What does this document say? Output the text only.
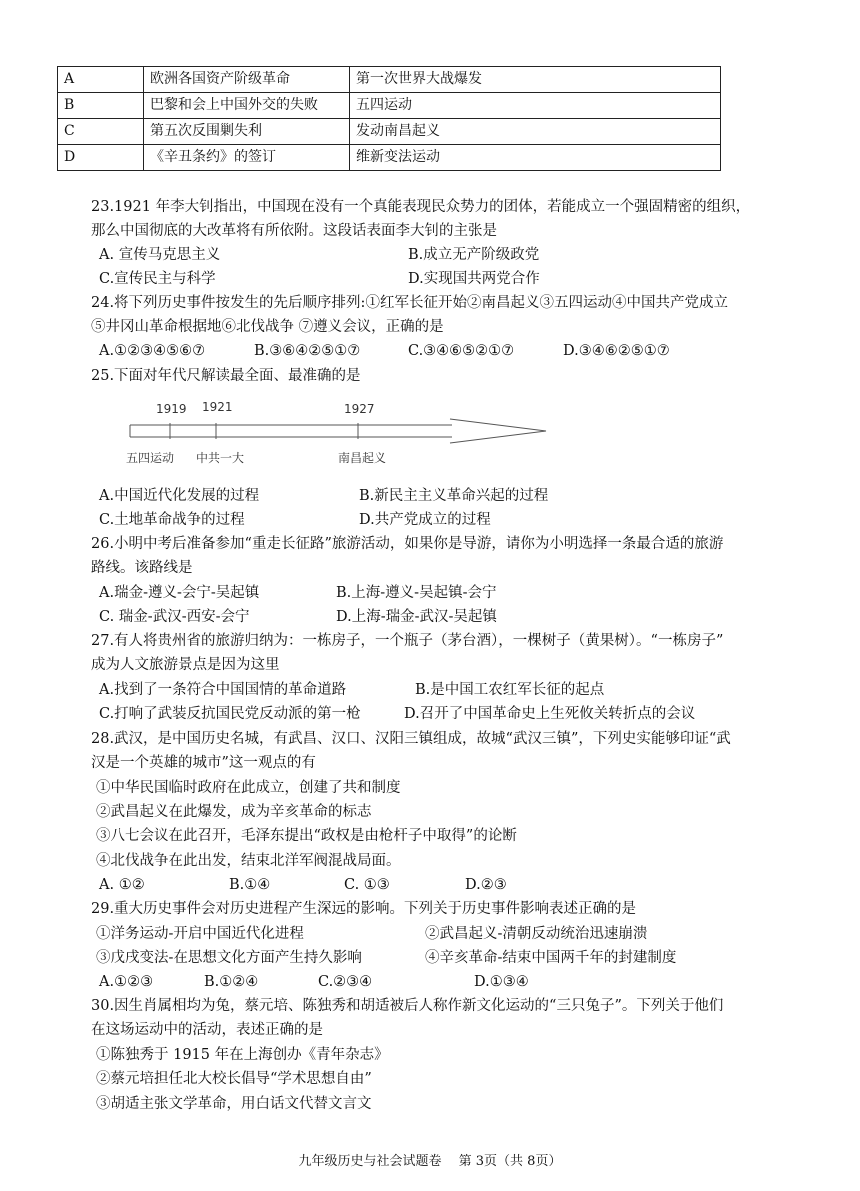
A	欧洲各国资产阶级革命	第一次世界大战爆发
B	巴黎和会上中国外交的失败	五四运动
C	第五次反围剿失利	发动南昌起义
D	《辛丑条约》的签订	维新变法运动
23.1921 年李大钊指出，中国现在没有一个真能表现民众势力的团体，若能成立一个强固精密的组织，
那么中国彻底的大改革将有所依附。这段话表面李大钊的主张是
A. 宣传马克思主义	B.成立无产阶级政党
C.宣传民主与科学	D.实现国共两党合作
24.将下列历史事件按发生的先后顺序排列:①红军长征开始②南昌起义③五四运动④中国共产党成立
⑤井冈山革命根据地⑥北伐战争 ⑦遵义会议，正确的是
A.①②③④⑤⑥⑦	B.③⑥④②⑤①⑦	C.③④⑥⑤②①⑦	D.③④⑥②⑤①⑦
25.下面对年代尺解读最全面、最准确的是
1919 1921	1927
五四运动 中共一大	南昌起义
A.中国近代化发展的过程	B.新民主主义革命兴起的过程
C.土地革命战争的过程	D.共产党成立的过程
26.小明中考后准备参加“重走长征路”旅游活动，如果你是导游，请你为小明选择一条最合适的旅游
路线。该路线是
A.瑞金-遵义-会宁-吴起镇	B.上海-遵义-吴起镇-会宁
C. 瑞金-武汉-西安-会宁	D.上海-瑞金-武汉-吴起镇
27.有人将贵州省的旅游归纳为：一栋房子，一个瓶子（茅台酒），一棵树子（黄果树）。“一栋房子”
成为人文旅游景点是因为这里
A.找到了一条符合中国国情的革命道路	B.是中国工农红军长征的起点
C.打响了武装反抗国民党反动派的第一枪	D.召开了中国革命史上生死攸关转折点的会议
28.武汉，是中国历史名城，有武昌、汉口、汉阳三镇组成，故城“武汉三镇”，下列史实能够印证“武
汉是一个英雄的城市”这一观点的有
①中华民国临时政府在此成立，创建了共和制度
②武昌起义在此爆发，成为辛亥革命的标志
③八七会议在此召开，毛泽东提出“政权是由枪杆子中取得”的论断
④北伐战争在此出发，结束北洋军阀混战局面。
A. ①②	B.①④	C. ①③	D.②③
29.重大历史事件会对历史进程产生深远的影响。下列关于历史事件影响表述正确的是
①洋务运动-开启中国近代化进程	②武昌起义-清朝反动统治迅速崩溃
③戊戌变法-在思想文化方面产生持久影响	④辛亥革命-结束中国两千年的封建制度
A.①②③	B.①②④	C.②③④	D.①③④
30.因生肖属相均为兔，蔡元培、陈独秀和胡适被后人称作新文化运动的“三只兔子”。下列关于他们
在这场运动中的活动，表述正确的是
①陈独秀于 1915 年在上海创办《青年杂志》
②蔡元培担任北大校长倡导“学术思想自由”
③胡适主张文学革命，用白话文代替文言文
九年级历史与社会试题卷　 第 3页（共 8页）
